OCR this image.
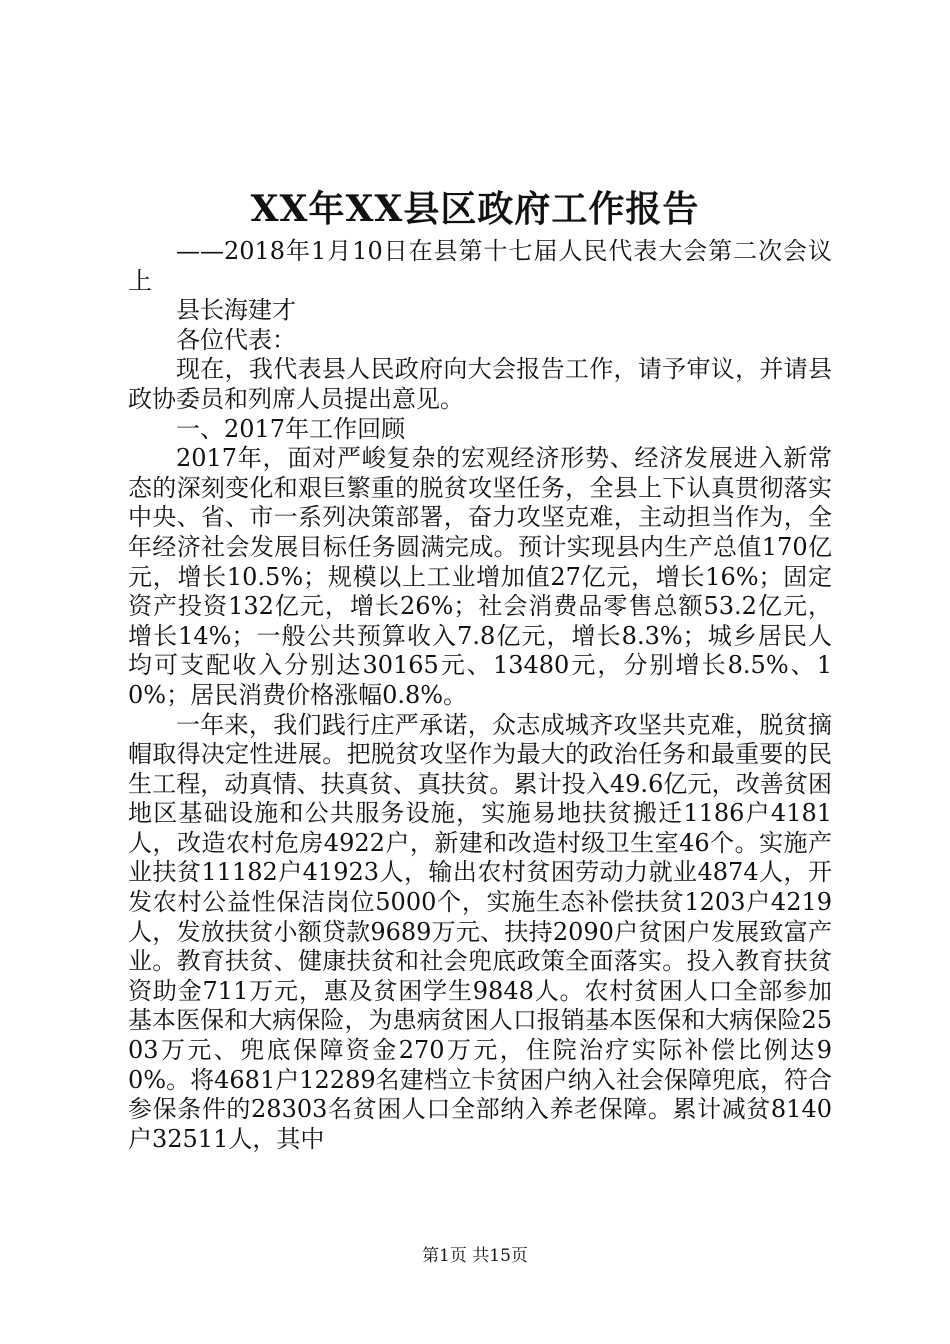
XX年XX县区政府工作报告

——2018年1月10日在县第十七届人民代表大会第二次会议上

县长海建才

各位代表：

现在，我代表县人民政府向大会报告工作，请予审议，并请县政协委员和列席人员提出意见。

一、2017年工作回顾

2017年，面对严峻复杂的宏观经济形势、经济发展进入新常态的深刻变化和艰巨繁重的脱贫攻坚任务，全县上下认真贯彻落实中央、省、市一系列决策部署，奋力攻坚克难，主动担当作为，全年经济社会发展目标任务圆满完成。预计实现县内生产总值170亿元，增长10.5%；规模以上工业增加值27亿元，增长16%；固定资产投资132亿元，增长26%；社会消费品零售总额53.2亿元，增长14%；一般公共预算收入7.8亿元，增长8.3%；城乡居民人均可支配收入分别达30165元、13480元，分别增长8.5%、10%；居民消费价格涨幅0.8%。

一年来，我们践行庄严承诺，众志成城齐攻坚共克难，脱贫摘帽取得决定性进展。把脱贫攻坚作为最大的政治任务和最重要的民生工程，动真情、扶真贫、真扶贫。累计投入49.6亿元，改善贫困地区基础设施和公共服务设施，实施易地扶贫搬迁1186户4181人，改造农村危房4922户，新建和改造村级卫生室46个。实施产业扶贫11182户41923人，输出农村贫困劳动力就业4874人，开发农村公益性保洁岗位5000个，实施生态补偿扶贫1203户4219人，发放扶贫小额贷款9689万元、扶持2090户贫困户发展致富产业。教育扶贫、健康扶贫和社会兜底政策全面落实。投入教育扶贫资助金711万元，惠及贫困学生9848人。农村贫困人口全部参加基本医保和大病保险，为患病贫困人口报销基本医保和大病保险2503万元、兜底保障资金270万元，住院治疗实际补偿比例达90%。将4681户12289名建档立卡贫困户纳入社会保障兜底，符合参保条件的28303名贫困人口全部纳入养老保障。累计减贫8140户32511人，其中

第1页 共15页
